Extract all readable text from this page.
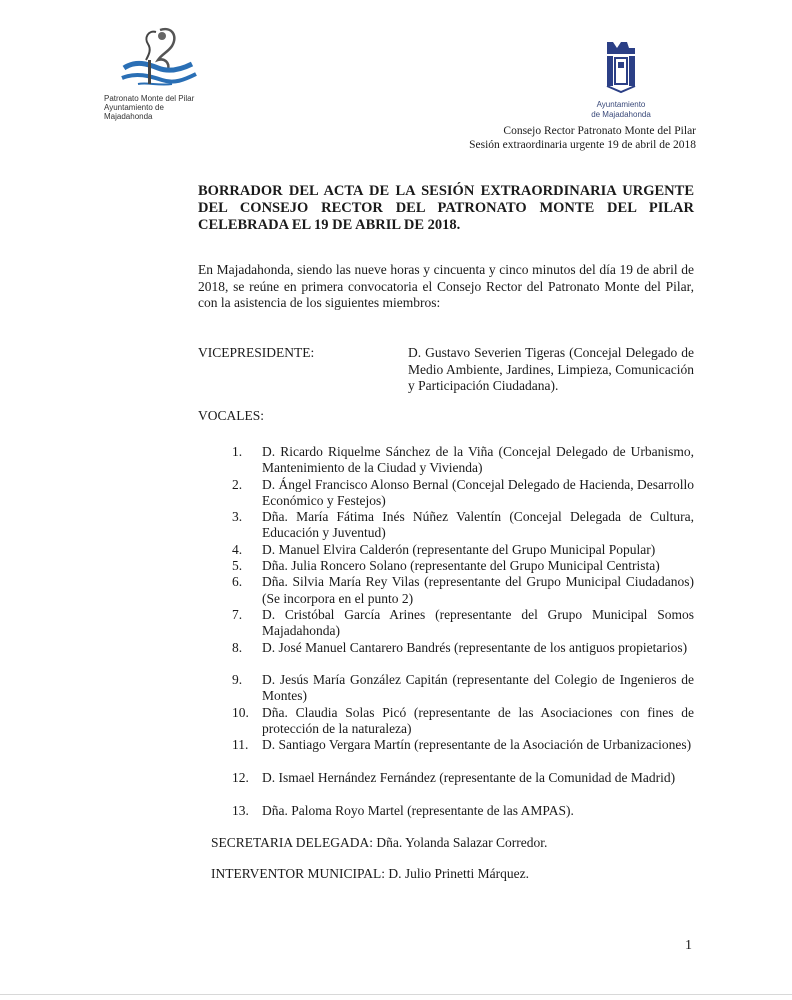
Patronato Monte del Pilar
Ayuntamiento de Majadahonda
Ayuntamiento
de Majadahonda
Consejo Rector Patronato Monte del Pilar
Sesión extraordinaria urgente 19 de abril de 2018
BORRADOR DEL ACTA DE LA SESIÓN EXTRAORDINARIA URGENTE DEL CONSEJO RECTOR DEL PATRONATO MONTE DEL PILAR CELEBRADA EL 19 DE ABRIL DE 2018.
En Majadahonda, siendo las nueve horas y cincuenta y cinco minutos del día 19 de abril de 2018, se reúne en primera convocatoria el Consejo Rector del Patronato Monte del Pilar, con la asistencia de los siguientes miembros:
VICEPRESIDENTE:	D. Gustavo Severien Tigeras (Concejal Delegado de Medio Ambiente, Jardines, Limpieza, Comunicación y Participación Ciudadana).
VOCALES:
1.	D. Ricardo Riquelme Sánchez de la Viña (Concejal Delegado de Urbanismo, Mantenimiento de la Ciudad y Vivienda)
2.	D. Ángel Francisco Alonso Bernal (Concejal Delegado de Hacienda, Desarrollo Económico y Festejos)
3.	Dña. María Fátima Inés Núñez Valentín (Concejal Delegada de Cultura, Educación y Juventud)
4.	D. Manuel Elvira Calderón (representante del Grupo Municipal Popular)
5.	Dña. Julia Roncero Solano (representante del Grupo Municipal Centrista)
6.	Dña. Silvia María Rey Vilas (representante del Grupo Municipal Ciudadanos) (Se incorpora en el punto 2)
7.	D. Cristóbal García Arines (representante del Grupo Municipal Somos Majadahonda)
8.	D. José Manuel Cantarero Bandrés (representante de los antiguos propietarios)
9.	D. Jesús María González Capitán (representante del Colegio de Ingenieros de Montes)
10. Dña. Claudia Solas Picó (representante de las Asociaciones con fines de protección de la naturaleza)
11.	D. Santiago Vergara Martín (representante de la Asociación de Urbanizaciones)
12. D. Ismael Hernández Fernández (representante de la Comunidad de Madrid)
13. Dña. Paloma Royo Martel (representante de las AMPAS).
SECRETARIA DELEGADA: Dña. Yolanda Salazar Corredor.
INTERVENTOR MUNICIPAL: D. Julio Prinetti Márquez.
1
